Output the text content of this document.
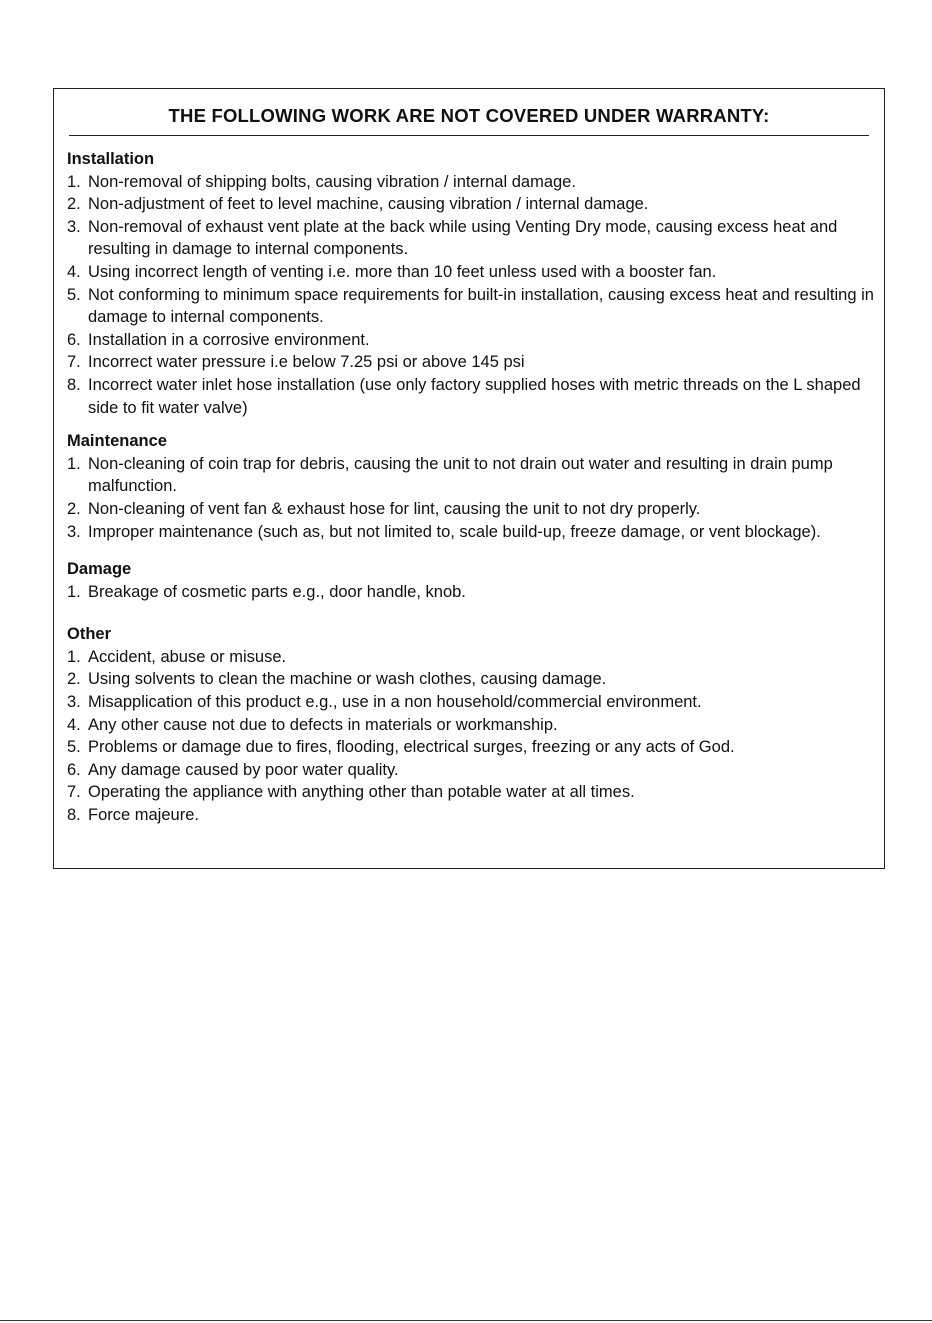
THE FOLLOWING WORK ARE NOT COVERED UNDER WARRANTY:

Installation

1. Non-removal of shipping bolts, causing vibration / internal damage.
2. Non-adjustment of feet to level machine, causing vibration / internal damage.
3. Non-removal of exhaust vent plate at the back while using Venting Dry mode, causing excess heat and resulting in damage to internal components.
4. Using incorrect length of venting i.e. more than 10 feet unless used with a booster fan.
5. Not conforming to minimum space requirements for built-in installation, causing excess heat and resulting in damage to internal components.
6. Installation in a corrosive environment.
7. Incorrect water pressure i.e below 7.25 psi or above 145 psi
8. Incorrect water inlet hose installation (use only factory supplied hoses with metric threads on the L shaped side to fit water valve)

Maintenance

1. Non-cleaning of coin trap for debris, causing the unit to not drain out water and resulting in drain pump malfunction.
2. Non-cleaning of vent fan & exhaust hose for lint, causing the unit to not dry properly.
3. Improper maintenance (such as, but not limited to, scale build-up, freeze damage, or vent blockage).

Damage

1. Breakage of cosmetic parts e.g., door handle, knob.

Other

1. Accident, abuse or misuse.
2. Using solvents to clean the machine or wash clothes, causing damage.
3. Misapplication of this product e.g., use in a non household/commercial environment.
4. Any other cause not due to defects in materials or workmanship.
5. Problems or damage due to fires, flooding, electrical surges, freezing or any acts of God.
6. Any damage caused by poor water quality.
7. Operating the appliance with anything other than potable water at all times.
8. Force majeure.
